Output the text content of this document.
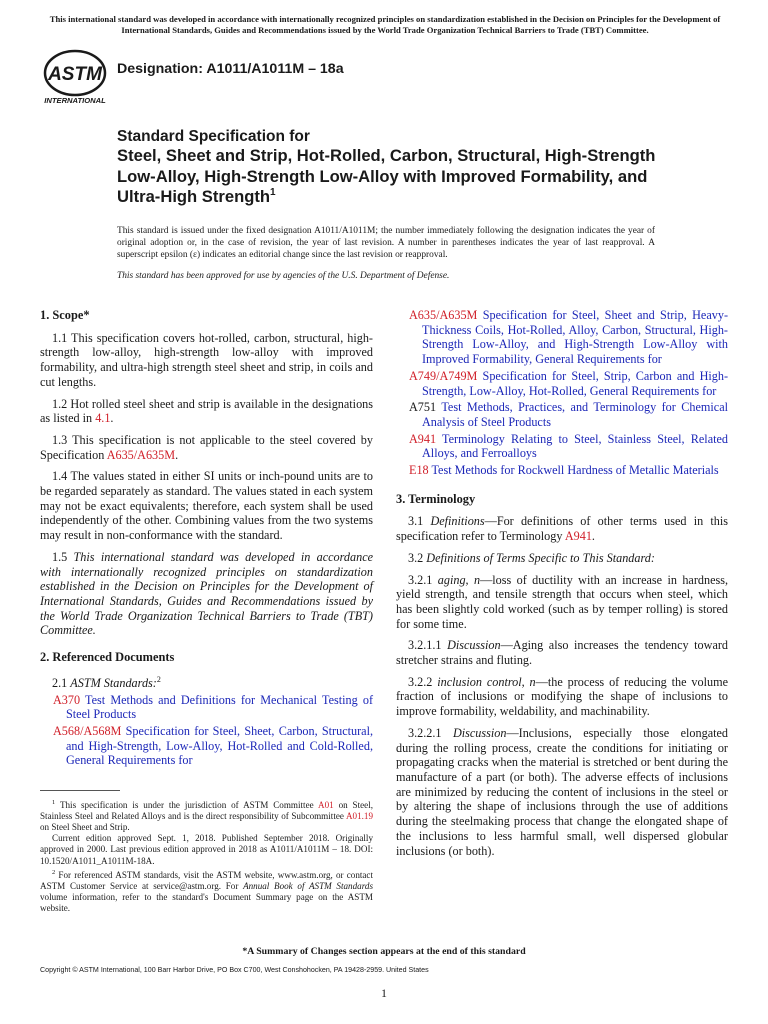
This international standard was developed in accordance with internationally recognized principles on standardization established in the Decision on Principles for the Development of International Standards, Guides and Recommendations issued by the World Trade Organization Technical Barriers to Trade (TBT) Committee.
ASTM
INTERNATIONAL
Designation: A1011/A1011M – 18a
Standard Specification for
Steel, Sheet and Strip, Hot-Rolled, Carbon, Structural, High-Strength Low-Alloy, High-Strength Low-Alloy with Improved Formability, and Ultra-High Strength$^1$

This standard is issued under the fixed designation A1011/A1011M; the number immediately following the designation indicates the year of original adoption or, in the case of revision, the year of last revision. A number in parentheses indicates the year of last reapproval. A superscript epsilon (ε) indicates an editorial change since the last revision or reapproval.

This standard has been approved for use by agencies of the U.S. Department of Defense.

1. Scope*

1.1 This specification covers hot-rolled, carbon, structural, high-strength low-alloy, high-strength low-alloy with improved formability, and ultra-high strength steel sheet and strip, in coils and cut lengths.

1.2 Hot rolled steel sheet and strip is available in the designations as listed in 4.1.

1.3 This specification is not applicable to the steel covered by Specification A635/A635M.

1.4 The values stated in either SI units or inch-pound units are to be regarded separately as standard. The values stated in each system may not be exact equivalents; therefore, each system shall be used independently of the other. Combining values from the two systems may result in non-conformance with the standard.

1.5 This international standard was developed in accordance with internationally recognized principles on standardization established in the Decision on Principles for the Development of International Standards, Guides and Recommendations issued by the World Trade Organization Technical Barriers to Trade (TBT) Committee.

2. Referenced Documents

2.1 ASTM Standards:$^2$

A370 Test Methods and Definitions for Mechanical Testing of Steel Products

A568/A568M Specification for Steel, Sheet, Carbon, Structural, and High-Strength, Low-Alloy, Hot-Rolled and Cold-Rolled, General Requirements for

A635/A635M Specification for Steel, Sheet and Strip, Heavy-Thickness Coils, Hot-Rolled, Alloy, Carbon, Structural, High-Strength Low-Alloy, and High-Strength Low-Alloy with Improved Formability, General Requirements for

A749/A749M Specification for Steel, Strip, Carbon and High-Strength, Low-Alloy, Hot-Rolled, General Requirements for

A751 Test Methods, Practices, and Terminology for Chemical Analysis of Steel Products

A941 Terminology Relating to Steel, Stainless Steel, Related Alloys, and Ferroalloys

E18 Test Methods for Rockwell Hardness of Metallic Materials

3. Terminology

3.1 Definitions—For definitions of other terms used in this specification refer to Terminology A941.

3.2 Definitions of Terms Specific to This Standard:

3.2.1 aging, n—loss of ductility with an increase in hardness, yield strength, and tensile strength that occurs when steel, which has been slightly cold worked (such as by temper rolling) is stored for some time.

3.2.1.1 Discussion—Aging also increases the tendency toward stretcher strains and fluting.

3.2.2 inclusion control, n—the process of reducing the volume fraction of inclusions or modifying the shape of inclusions to improve formability, weldability, and machinability.

3.2.2.1 Discussion—Inclusions, especially those elongated during the rolling process, create the conditions for initiating or propagating cracks when the material is stretched or bent during the manufacture of a part (or both). The adverse effects of inclusions are minimized by reducing the content of inclusions in the steel or by altering the shape of inclusions through the use of additions during the steelmaking process that change the elongated shape of the inclusions to less harmful small, well dispersed globular inclusions (or both).

$^1$ This specification is under the jurisdiction of ASTM Committee A01 on Steel, Stainless Steel and Related Alloys and is the direct responsibility of Subcommittee A01.19 on Steel Sheet and Strip.

Current edition approved Sept. 1, 2018. Published September 2018. Originally approved in 2000. Last previous edition approved in 2018 as A1011/A1011M – 18. DOI: 10.1520/A1011_A1011M-18A.

$^2$ For referenced ASTM standards, visit the ASTM website, www.astm.org, or contact ASTM Customer Service at service@astm.org. For Annual Book of ASTM Standards volume information, refer to the standard's Document Summary page on the ASTM website.

*A Summary of Changes section appears at the end of this standard
Copyright © ASTM International, 100 Barr Harbor Drive, PO Box C700, West Conshohocken, PA 19428-2959. United States
1
